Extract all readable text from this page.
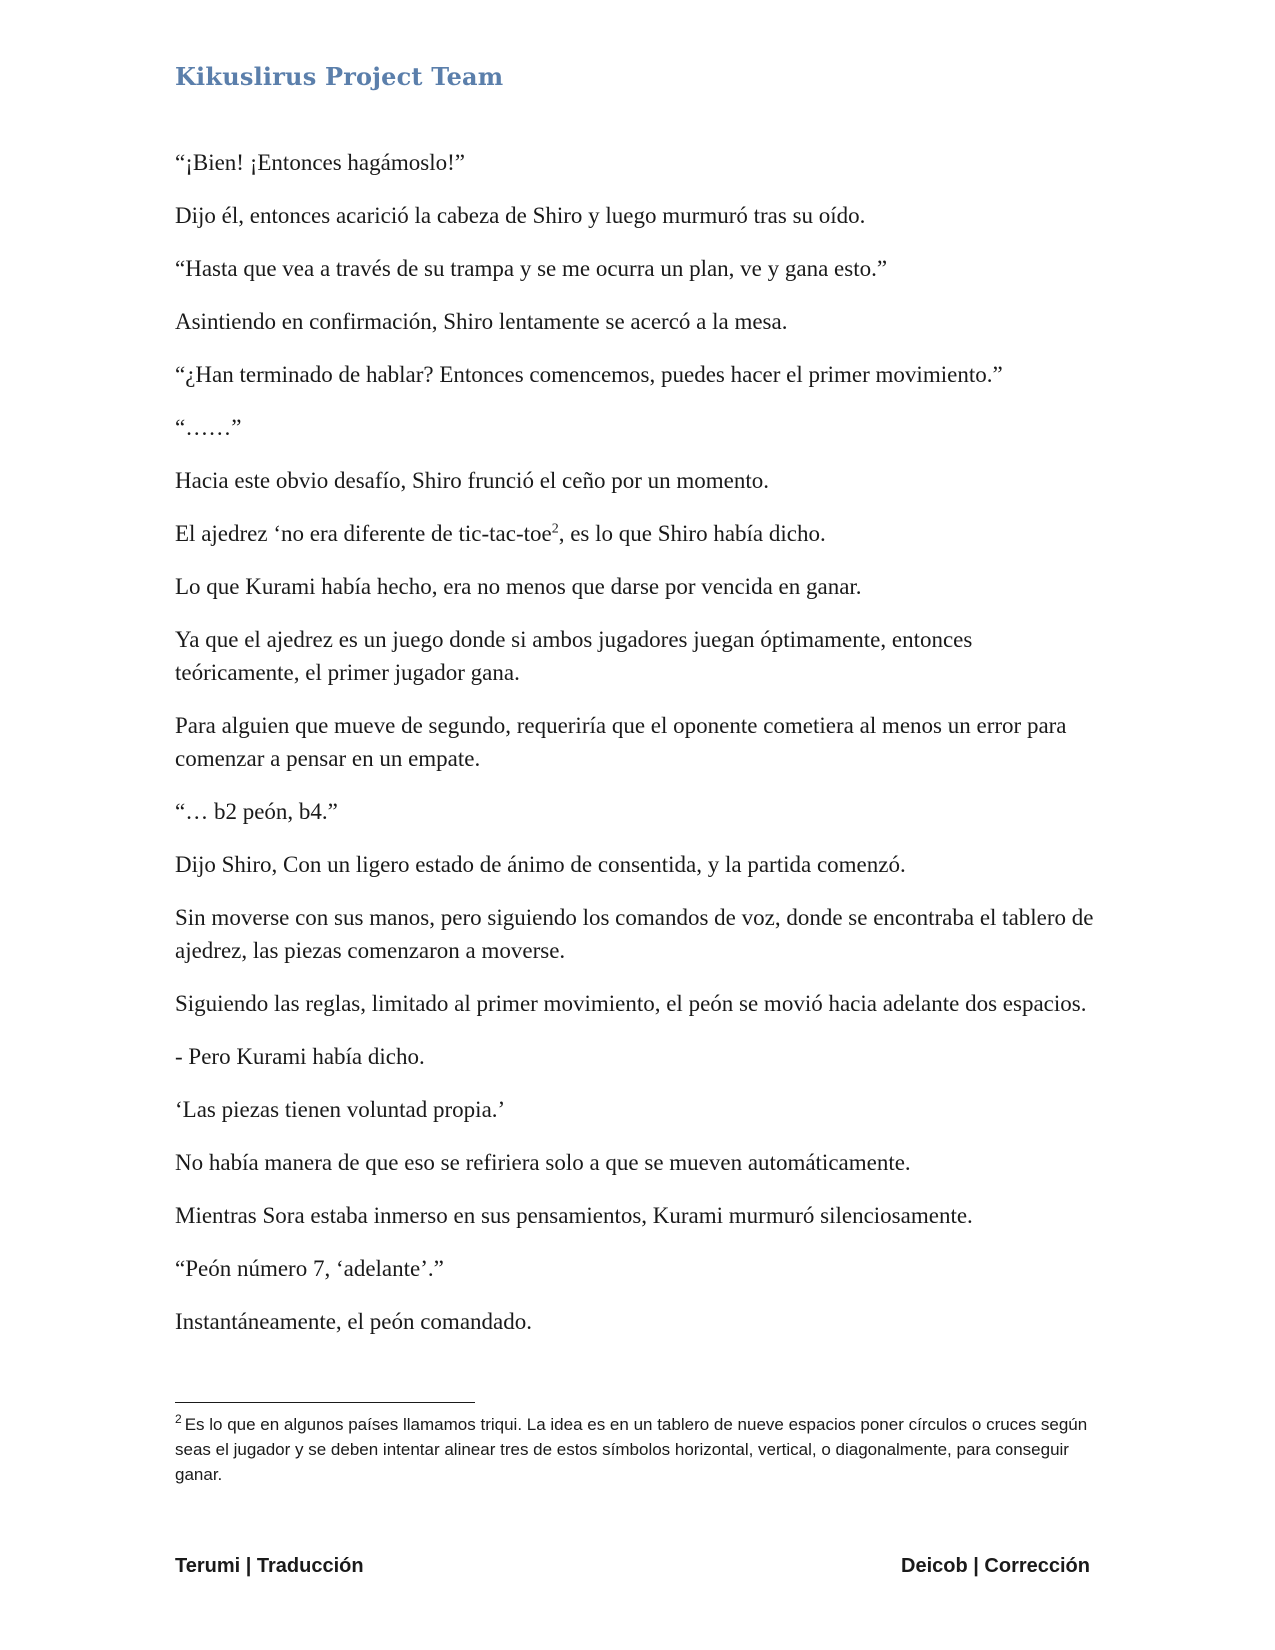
Kikuslirus Project Team

“¡Bien! ¡Entonces hagámoslo!”

Dijo él, entonces acarició la cabeza de Shiro y luego murmuró tras su oído.

“Hasta que vea a través de su trampa y se me ocurra un plan, ve y gana esto.”

Asintiendo en confirmación, Shiro lentamente se acercó a la mesa.

“¿Han terminado de hablar? Entonces comencemos, puedes hacer el primer movimiento.”

“……”

Hacia este obvio desafío, Shiro frunció el ceño por un momento.

El ajedrez ‘no era diferente de tic-tac-toe$^2$, es lo que Shiro había dicho.

Lo que Kurami había hecho, era no menos que darse por vencida en ganar.

Ya que el ajedrez es un juego donde si ambos jugadores juegan óptimamente, entonces teóricamente, el primer jugador gana.

Para alguien que mueve de segundo, requeriría que el oponente cometiera al menos un error para comenzar a pensar en un empate.

“… b2 peón, b4.”

Dijo Shiro, Con un ligero estado de ánimo de consentida, y la partida comenzó.

Sin moverse con sus manos, pero siguiendo los comandos de voz, donde se encontraba el tablero de ajedrez, las piezas comenzaron a moverse.

Siguiendo las reglas, limitado al primer movimiento, el peón se movió hacia adelante dos espacios.

- Pero Kurami había dicho.

‘Las piezas tienen voluntad propia.’

No había manera de que eso se refiriera solo a que se mueven automáticamente.

Mientras Sora estaba inmerso en sus pensamientos, Kurami murmuró silenciosamente.

“Peón número 7, ‘adelante’.”

Instantáneamente, el peón comandado.

$^2$ Es lo que en algunos países llamamos triqui. La idea es en un tablero de nueve espacios poner círculos o cruces según seas el jugador y se deben intentar alinear tres de estos símbolos horizontal, vertical, o diagonalmente, para conseguir ganar.
Terumi | Traducción	Deicob | Corrección
